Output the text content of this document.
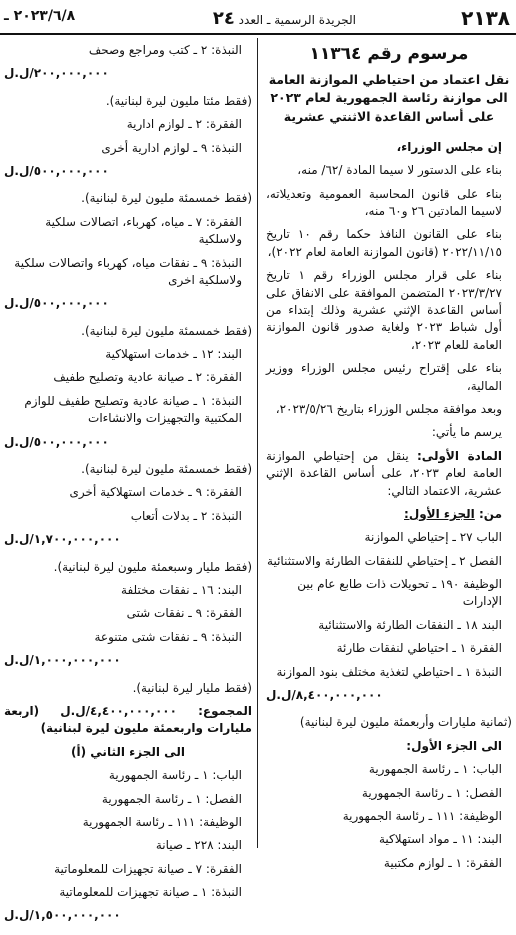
٢١٣٨
الجريدة الرسمية ـ العدد ٢٤
٢٠٢٣/٦/٨ ـ
مرسوم رقم ١١٣٦٤
نقل اعتماد من احتياطي الموازنة العامة الى موازنة رئاسة الجمهورية لعام ٢٠٢٣ على أساس القاعدة الاثنتي عشرية
إن مجلس الوزراء،
بناء على الدستور لا سيما المادة /٦٢/ منه،
بناء على قانون المحاسبة العمومية وتعديلاته، لاسيما المادتين ٢٦ و٦٠ منه،
بناء على القانون النافذ حكما رقم ١٠ تاريخ ٢٠٢٢/١١/١٥ (قانون الموازنة العامة لعام ٢٠٢٢)،
بناء على قرار مجلس الوزراء رقم ١ تاريخ ٢٠٢٣/٣/٢٧ المتضمن الموافقة على الانفاق على أساس القاعدة الإثني عشرية وذلك إبتداء من أول شباط ٢٠٢٣ ولغاية صدور قانون الموازنة العامة للعام ٢٠٢٣،
بناء على إقتراح رئيس مجلس الوزراء ووزير المالية،
وبعد موافقة مجلس الوزراء بتاريخ ٢٠٢٣/٥/٢٦،
يرسم ما يأتي:
المادة الأولى: ينقل من إحتياطي الموازنة العامة لعام ٢٠٢٣، على أساس القاعدة الإثني عشرية، الاعتماد التالي:
من: الجزء الأول:
الباب ٢٧ ـ إحتياطي الموازنة
الفصل ٢ ـ إحتياطي للنفقات الطارئة والاستثنائية
الوظيفة ١٩٠ ـ تحويلات ذات طابع عام بين الإدارات
البند ١٨ ـ النفقات الطارئة والاستثنائية
الفقرة ١ ـ احتياطي لنفقات طارئة
النبذة ١ ـ احتياطي لتغذية مختلف بنود الموازنة
٨,٤٠٠,٠٠٠,٠٠٠/ل.ل
(ثمانية مليارات وأربعمئة مليون ليرة لبنانية)
الى الجزء الأول:
الباب: ١ ـ رئاسة الجمهورية
الفصل: ١ ـ رئاسة الجمهورية
الوظيفة: ١١١ ـ رئاسة الجمهورية
البند: ١١ ـ مواد استهلاكية
الفقرة: ١ ـ لوازم مكتبية
النبذة: ٢ ـ كتب ومراجع وصحف
٢٠٠,٠٠٠,٠٠٠/ل.ل
(فقط مئتا مليون ليرة لبنانية).
الفقرة: ٢ ـ لوازم ادارية
النبذة: ٩ ـ لوازم ادارية أخرى
٥٠٠,٠٠٠,٠٠٠/ل.ل
(فقط خمسمئة مليون ليرة لبنانية).
الفقرة: ٧ ـ مياه، كهرباء، اتصالات سلكية ولاسلكية
النبذة: ٩ ـ نفقات مياه، كهرباء واتصالات سلكية ولاسلكية اخرى
٥٠٠,٠٠٠,٠٠٠/ل.ل
(فقط خمسمئة مليون ليرة لبنانية).
البند: ١٢ ـ خدمات استهلاكية
الفقرة: ٢ ـ صيانة عادية وتصليح طفيف
النبذة: ١ ـ صيانة عادية وتصليح طفيف للوازم المكتبية والتجهيزات والانشاءات
٥٠٠,٠٠٠,٠٠٠/ل.ل
(فقط خمسمئة مليون ليرة لبنانية).
الفقرة: ٩ ـ خدمات استهلاكية أخرى
النبذة: ٢ ـ بدلات أتعاب
١,٧٠٠,٠٠٠,٠٠٠/ل.ل
(فقط مليار وسبعمئة مليون ليرة لبنانية).
البند: ١٦ ـ نفقات مختلفة
الفقرة: ٩ ـ نفقات شتى
النبذة: ٩ ـ نفقات شتى متنوعة
١,٠٠٠,٠٠٠,٠٠٠/ل.ل
(فقط مليار ليرة لبنانية).
المجموع: ٤,٤٠٠,٠٠٠,٠٠٠/ل.ل (اربعة مليارات واربعمئة مليون ليرة لبنانية)
الى الجزء الثاني (أ)
الباب: ١ ـ رئاسة الجمهورية
الفصل: ١ ـ رئاسة الجمهورية
الوظيفة: ١١١ ـ رئاسة الجمهورية
البند: ٢٢٨ ـ صيانة
الفقرة: ٧ ـ صيانة تجهيزات للمعلوماتية
النبذة: ١ ـ صيانة تجهيزات للمعلوماتية
١,٥٠٠,٠٠٠,٠٠٠/ل.ل
